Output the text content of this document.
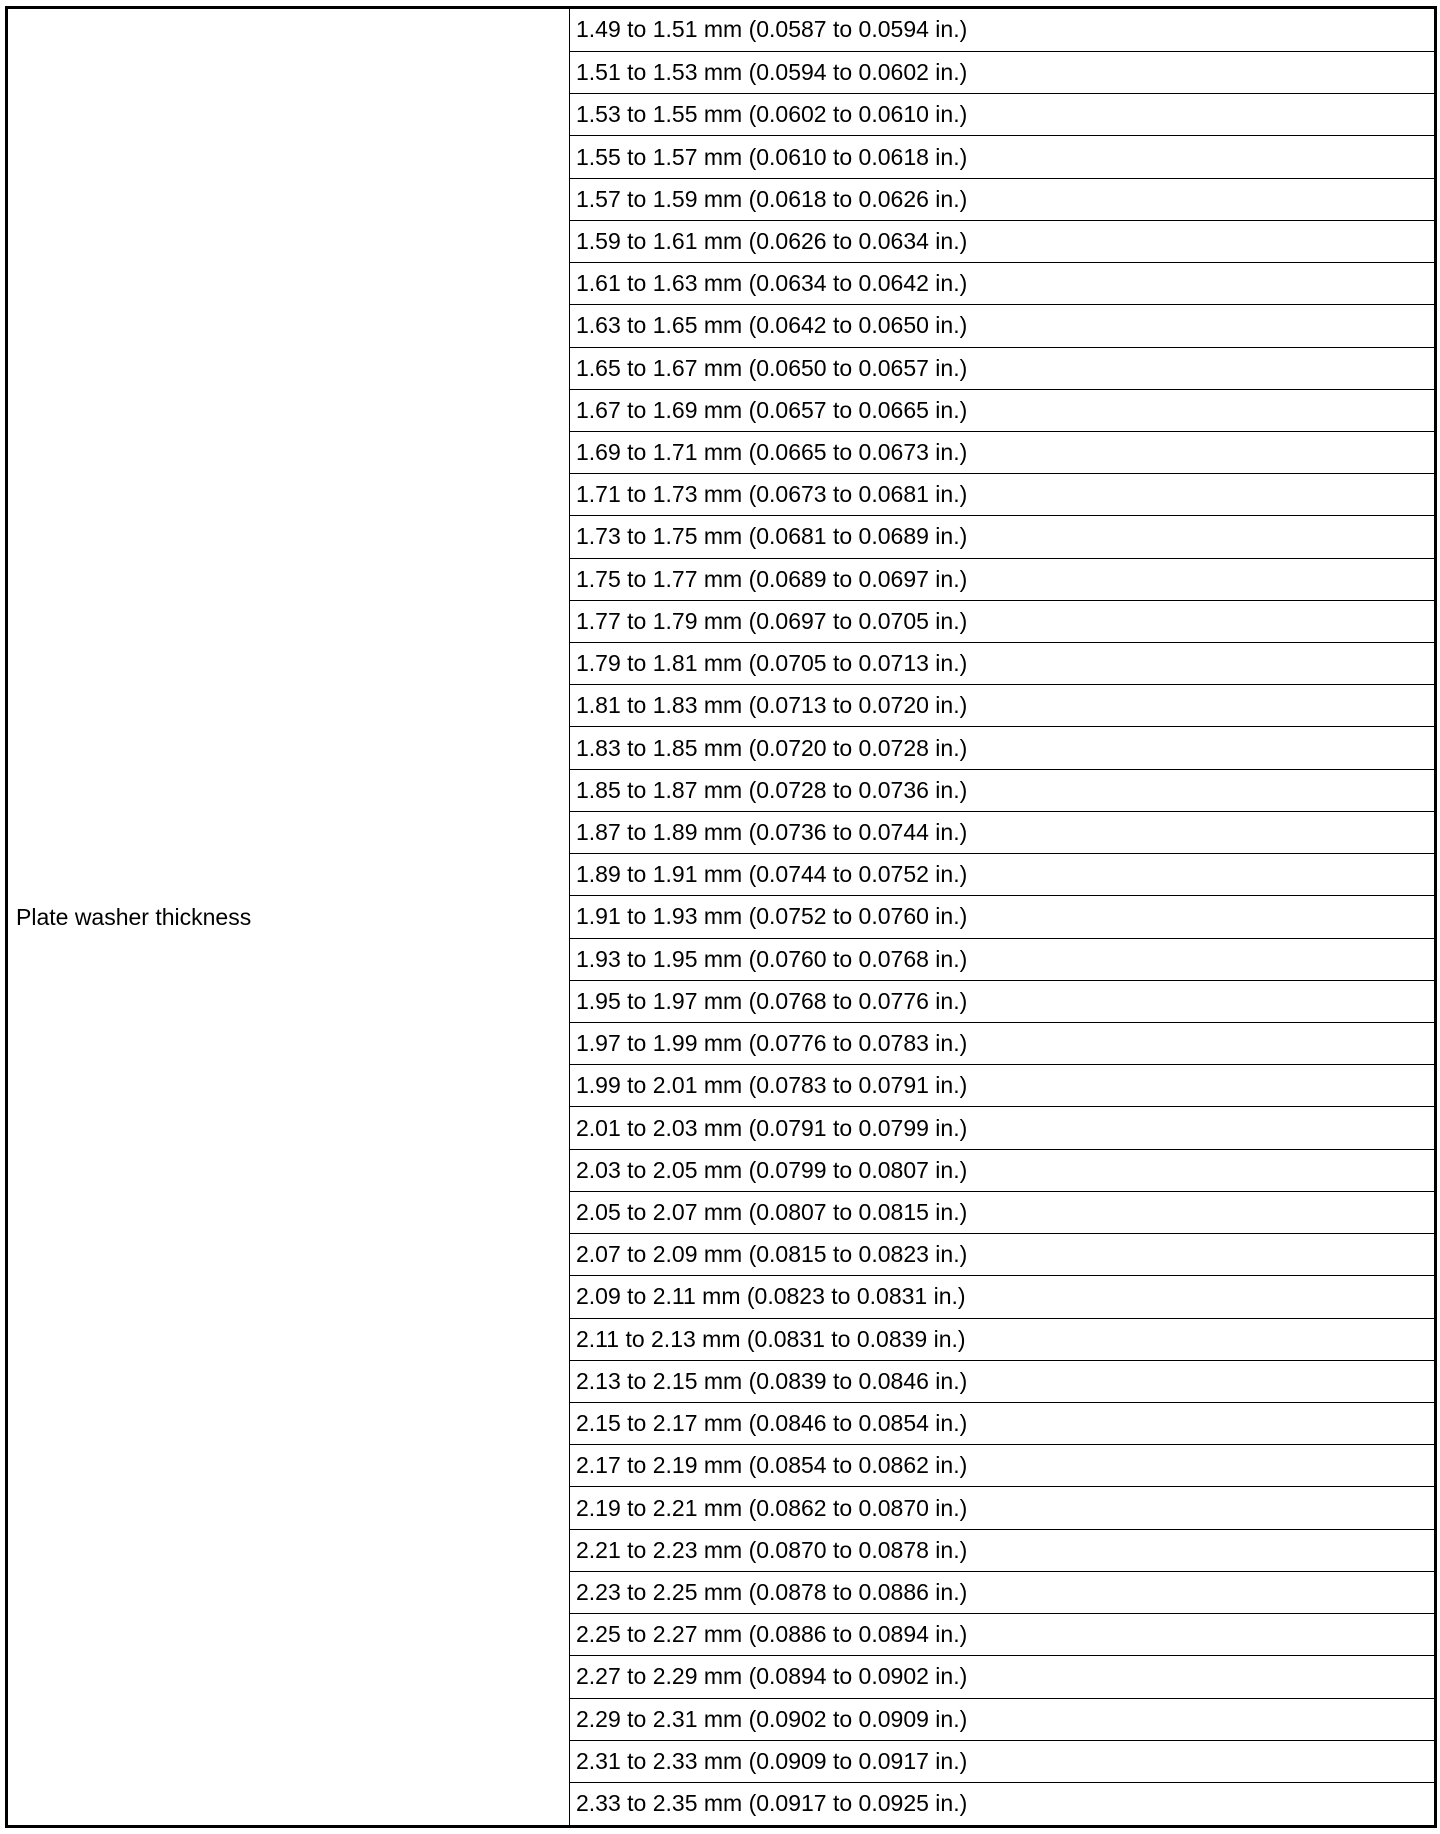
Plate washer thickness	1.49 to 1.51 mm (0.0587 to 0.0594 in.)
1.51 to 1.53 mm (0.0594 to 0.0602 in.)
1.53 to 1.55 mm (0.0602 to 0.0610 in.)
1.55 to 1.57 mm (0.0610 to 0.0618 in.)
1.57 to 1.59 mm (0.0618 to 0.0626 in.)
1.59 to 1.61 mm (0.0626 to 0.0634 in.)
1.61 to 1.63 mm (0.0634 to 0.0642 in.)
1.63 to 1.65 mm (0.0642 to 0.0650 in.)
1.65 to 1.67 mm (0.0650 to 0.0657 in.)
1.67 to 1.69 mm (0.0657 to 0.0665 in.)
1.69 to 1.71 mm (0.0665 to 0.0673 in.)
1.71 to 1.73 mm (0.0673 to 0.0681 in.)
1.73 to 1.75 mm (0.0681 to 0.0689 in.)
1.75 to 1.77 mm (0.0689 to 0.0697 in.)
1.77 to 1.79 mm (0.0697 to 0.0705 in.)
1.79 to 1.81 mm (0.0705 to 0.0713 in.)
1.81 to 1.83 mm (0.0713 to 0.0720 in.)
1.83 to 1.85 mm (0.0720 to 0.0728 in.)
1.85 to 1.87 mm (0.0728 to 0.0736 in.)
1.87 to 1.89 mm (0.0736 to 0.0744 in.)
1.89 to 1.91 mm (0.0744 to 0.0752 in.)
1.91 to 1.93 mm (0.0752 to 0.0760 in.)
1.93 to 1.95 mm (0.0760 to 0.0768 in.)
1.95 to 1.97 mm (0.0768 to 0.0776 in.)
1.97 to 1.99 mm (0.0776 to 0.0783 in.)
1.99 to 2.01 mm (0.0783 to 0.0791 in.)
2.01 to 2.03 mm (0.0791 to 0.0799 in.)
2.03 to 2.05 mm (0.0799 to 0.0807 in.)
2.05 to 2.07 mm (0.0807 to 0.0815 in.)
2.07 to 2.09 mm (0.0815 to 0.0823 in.)
2.09 to 2.11 mm (0.0823 to 0.0831 in.)
2.11 to 2.13 mm (0.0831 to 0.0839 in.)
2.13 to 2.15 mm (0.0839 to 0.0846 in.)
2.15 to 2.17 mm (0.0846 to 0.0854 in.)
2.17 to 2.19 mm (0.0854 to 0.0862 in.)
2.19 to 2.21 mm (0.0862 to 0.0870 in.)
2.21 to 2.23 mm (0.0870 to 0.0878 in.)
2.23 to 2.25 mm (0.0878 to 0.0886 in.)
2.25 to 2.27 mm (0.0886 to 0.0894 in.)
2.27 to 2.29 mm (0.0894 to 0.0902 in.)
2.29 to 2.31 mm (0.0902 to 0.0909 in.)
2.31 to 2.33 mm (0.0909 to 0.0917 in.)
2.33 to 2.35 mm (0.0917 to 0.0925 in.)
